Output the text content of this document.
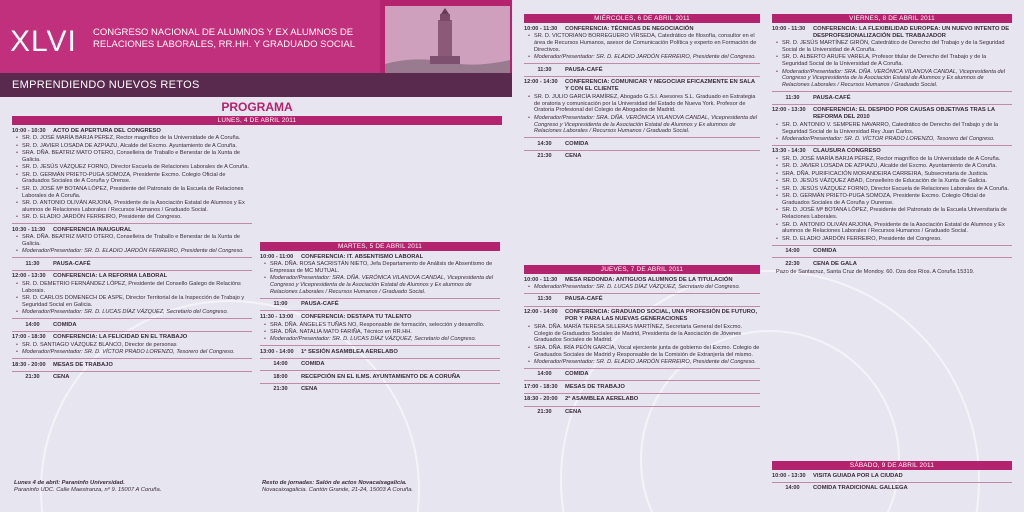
XLVI CONGRESO NACIONAL DE ALUMNOS Y EX ALUMNOS DE
RELACIONES LABORALES, RR.HH. Y GRADUADO SOCIAL
EMPRENDIENDO NUEVOS RETOS
PROGRAMA
LUNES, 4 DE ABRIL 2011
10:00 - 10:30	ACTO DE APERTURA DEL CONGRESO
• SR. D. JOSÉ MARÍA BARJA PÉREZ, Rector magnífico de la Universidade de A Coruña.
• SR. D. JAVIER LOSADA DE AZPIAZU, Alcalde del Excmo. Ayuntamiento de A Coruña.
• SRA. DÑA. BEATRIZ MATO OTERO, Conselleira de Traballo e Benestar de la Xunta de Galicia.
• SR. D. JESÚS VÁZQUEZ FORNO, Director Escuela de Relaciones Laborales de A Coruña.
• SR. D. GERMÁN PRIETO-PUGA SOMOZA, Presidente Excmo. Colegio Oficial de Graduados Sociales de A Coruña y Orense.
• SR. D. JOSÉ Mª BOTANA LÓPEZ, Presidente del Patronato de la Escuela de Relaciones Laborales de A Coruña.
• SR. D. ANTONIO OLIVÁN ARJONA, Presidente de la Asociación Estatal de Alumnos y Ex alumnos de Relaciones Laborales / Recursos Humanos / Graduado Social.
• SR. D. ELADIO JARDÓN FERREIRO, Presidente del Congreso.
10:30 - 11:30	CONFERENCIA INAUGURAL
• SRA. DÑA. BEATRIZ MATO OTERO, Conselleira de Traballo e Benestar de la Xunta de Galicia.
• Moderador/Presentador: SR. D. ELADIO JARDÓN FERREIRO, Presidente del Congreso.
11:30	PAUSA-CAFÉ
12:00 - 13:30	CONFERENCIA: LA REFORMA LABORAL
• SR. D. DEMETRIO FERNÁNDEZ LÓPEZ, Presidente del Consello Galego de Relacións Laborais.
• SR. D. CARLOS DOMENECH DE ASPE, Director Territorial de la Inspección de Trabajo y Seguridad Social en Galicia.
• Moderador/Presentador: SR. D. LUCAS DÍAZ VÁZQUEZ, Secretario del Congreso.
14:00	COMIDA
17:00 - 18:30	CONFERENCIA: LA FELICIDAD EN EL TRABAJO
• SR. D. SANTIAGO VÁZQUEZ BLANCO, Director de personas
• Moderador/Presentador: SR. D. VÍCTOR PRADO LORENZO, Tesorero del Congreso.
18:30 - 20:00	MESAS DE TRABAJO
21:30	CENA
MARTES, 5 DE ABRIL 2011
10:00 - 11:00	CONFERENCIA: IT. ABSENTISMO LABORAL
• SRA. DÑA. ROSA SACRISTÁN NIETO, Jefa Departamento de Análisis de Absentismo de Empresas de MC MUTUAL.
• Moderador/Presentador: SRA. DÑA. VERÓNICA VILANOVA CANDAL, Vicepresidenta del Congreso y Vicepresidenta de la Asociación Estatal de Alumnos y Ex alumnos de Relaciones Laborales / Recursos Humanos / Graduado Social.
11:00	PAUSA-CAFÉ
11:30 - 13:00	CONFERENCIA: DESTAPA TU TALENTO
• SRA. DÑA. ÁNGELES TUÑAS NO, Responsable de formación, selección y desarrollo.
• SRA. DÑA. NATALIA MATO FARIÑA, Técnico en RR.HH.
• Moderador/Presentador: SR. D. LUCAS DÍAZ VÁZQUEZ, Secretario del Congreso.
13:00 - 14:00	1ª SESIÓN ASAMBLEA AERELABO
14:00	COMIDA
18:00	RECEPCIÓN EN EL ILMS. AYUNTAMIENTO DE A CORUÑA
21:30	CENA
Lunes 4 de abril: Paraninfo Universidad.
Paraninfo UDC. Calle Maestranza, nº 9. 15007 A Coruña.
Resto de jornadas: Salón de actos Novacaixagalicia.
Novacaixagalicia. Cantón Grande, 21-24, 15003 A Coruña.
MIÉRCOLES, 6 DE ABRIL 2011
10:00 - 11:30	CONFERENCIA: TÉCNICAS DE NEGOCIACIÓN
• SR. D. VICTORIANO BORREGUERO VÍRSEDA, Catedrático de filosofía, consultor en el área de Recursos Humanos, asesor de Comunicación Política y experto en Formación de Directivos.
• Moderador/Presentador: SR. D. ELADIO JARDÓN FERREIRO, Presidente del Congreso.
11:30	PAUSA-CAFÉ
12:00 - 14:30	CONFERENCIA: COMUNICAR Y NEGOCIAR EFICAZMENTE EN SALA Y CON EL CLIENTE
• SR. D. JULIO GARCÍA RAMÍREZ, Abogado G.S.I. Asesores S.L. Graduado en Estrategia de oratoria y comunicación por la Universidad del Estado de Nueva York. Profesor de Oratoria Profesional del Colegio de Abogados de Madrid.
• Moderador/Presentador: SRA. DÑA. VERÓNICA VILANOVA CANDAL, Vicepresidenta del Congreso y Vicepresidenta de la Asociación Estatal de Alumnos y Ex alumnos de Relaciones Laborales / Recursos Humanos / Graduado Social.
14:30	COMIDA
21:30	CENA
JUEVES, 7 DE ABRIL 2011
10:00 - 11:30	MESA REDONDA: ANTIGUOS ALUMNOS DE LA TITULACIÓN
• Moderador/Presentador: SR. D. LUCAS DÍAZ VÁZQUEZ, Secretario del Congreso.
11:30	PAUSA-CAFÉ
12:00 - 14:00	CONFERENCIA: GRADUADO SOCIAL, UNA PROFESIÓN DE FUTURO, POR Y PARA LAS NUEVAS GENERACIONES
• SRA. DÑA. MARÍA TERESA SILLERAS MARTÍNEZ, Secretaria General del Excmo. Colegio de Graduados Sociales de Madrid, Presidenta de la Asociación de Jóvenes Graduados Sociales de Madrid.
• SRA. DÑA. IRÍA PEÓN GARCÍA, Vocal ejerciente junta de gobierno del Excmo. Colegio de Graduados Sociales de Madrid y Responsable de la Comisión de Extranjería del mismo.
• Moderador/Presentador: SR. D. ELADIO JARDÓN FERREIRO, Presidente del Congreso.
14:00	COMIDA
17:00 - 18:30	MESAS DE TRABAJO
18:30 - 20:00	2ª ASAMBLEA AERELABO
21:30	CENA
VIERNES, 8 DE ABRIL 2011
10:00 - 11:30	CONFERENCIA: LA FLEXIBILIDAD EUROPEA: UN NUEVO INTENTO DE DESPROFESIONALIZACIÓN DEL TRABAJADOR
• SR. D. JESÚS MARTÍNEZ GIRÓN, Catedrático de Derecho del Trabajo y de la Seguridad Social de la Universidad de A Coruña.
• SR. D. ALBERTO ARUFE VARELA, Profesor titular de Derecho del Trabajo y de la Seguridad Social de la Universidad de A Coruña.
• Moderador/Presentador: SRA. DÑA. VERÓNICA VILANOVA CANDAL, Vicepresidenta del Congreso y Vicepresidenta de la Asociación Estatal de Alumnos y Ex alumnos de Relaciones Laborales / Recursos Humanos / Graduado Social.
11:30	PAUSA-CAFÉ
12:00 - 13:30	CONFERENCIA: EL DESPIDO POR CAUSAS OBJETIVAS TRAS LA REFORMA DEL 2010
• SR. D. ANTONIO V. SEMPERE NAVARRO, Catedrático de Derecho del Trabajo y de la Seguridad Social de la Universidad Rey Juan Carlos.
• Moderador/Presentador: SR. D. VÍCTOR PRADO LORENZO, Tesorero del Congreso.
13:30 - 14:30	CLAUSURA CONGRESO
• SR. D. JOSÉ MARÍA BARJA PÉREZ, Rector magnífico de la Universidade de A Coruña.
• SR. D. JAVIER LOSADA DE AZPIAZU, Alcalde del Excmo. Ayuntamiento de A Coruña.
• SRA. DÑA. PURIFICACIÓN MORANDEIRA CARREIRA, Subsecretaria de Justicia.
• SR. D. JESÚS VÁZQUEZ ABAD, Conselleiro de Educación de la Xunta de Galicia.
• SR. D. JESÚS VÁZQUEZ FORNO, Director Escuela de Relaciones Laborales de A Coruña.
• SR. D. GERMÁN PRIETO-PUGA SOMOZA, Presidente Excmo. Colegio Oficial de Graduados Sociales de A Coruña y Ourense.
• SR. D. JOSÉ Mª BOTANA LÓPEZ, Presidente del Patronato de la Escuela Universitaria de Relaciones Laborales.
• SR. D. ANTONIO OLIVÁN ARJONA, Presidente de la Asociación Estatal de Alumnos y Ex alumnos de Relaciones Laborales / Recursos Humanos / Graduado Social.
• SR. D. ELADIO JARDÓN FERREIRO, Presidente del Congreso.
14:00	COMIDA
22:30	CENA DE GALA
Pazo de Santacruz, Santa Cruz de Mondoy. 60. Oza dos Ríos. A Coruña 15319.
SÁBADO, 9 DE ABRIL 2011
10:00 - 13:30	VISITA GUIADA POR LA CIUDAD
14:00	COMIDA TRADICIONAL GALLEGA
